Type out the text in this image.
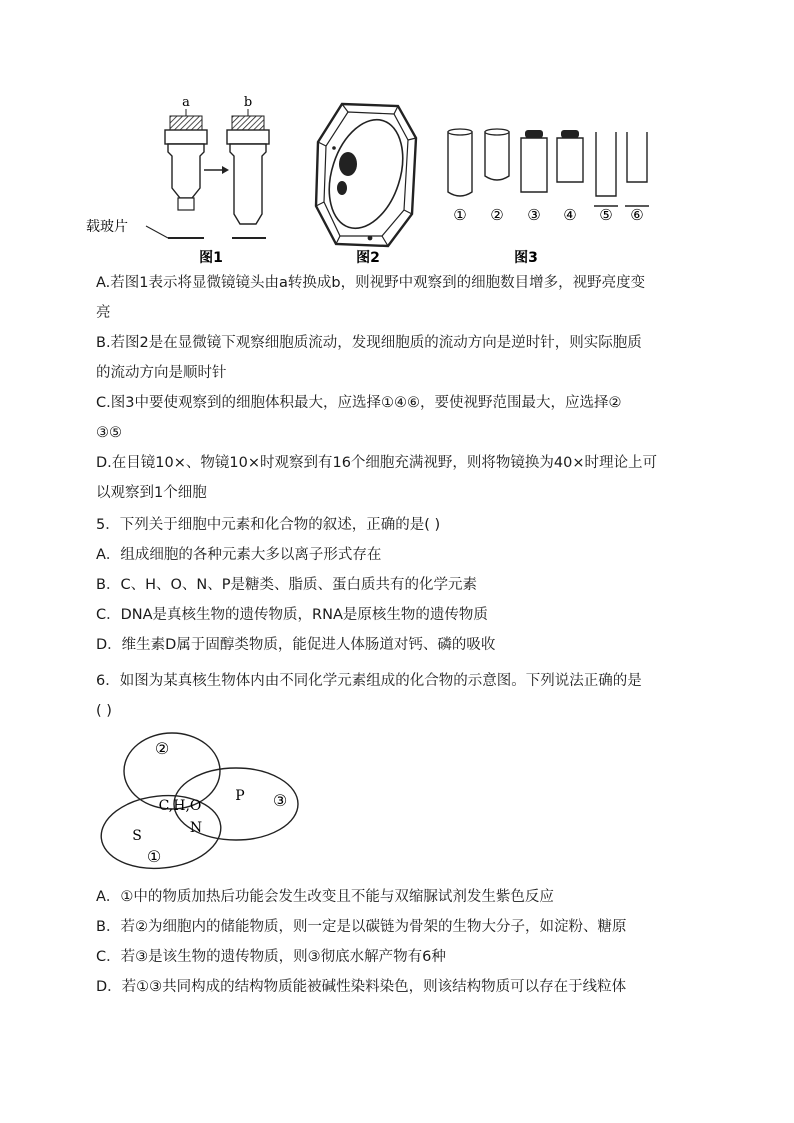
a	b
载玻片
图1	图2
① ② ③ ④ ⑤ ⑥
图3
A.若图1表示将显微镜镜头由a转换成b，则视野中观察到的细胞数目增多，视野亮度变
亮
B.若图2是在显微镜下观察细胞质流动，发现细胞质的流动方向是逆时针，则实际胞质
的流动方向是顺时针
C.图3中要使观察到的细胞体积最大，应选择①④⑥，要使视野范围最大，应选择②
③⑤
D.在目镜10×、物镜10×时观察到有16个细胞充满视野，则将物镜换为40×时理论上可
以观察到1个细胞
5．下列关于细胞中元素和化合物的叙述，正确的是( )
A．组成细胞的各种元素大多以离子形式存在
B．C、H、O、N、P是糖类、脂质、蛋白质共有的化学元素
C．DNA是真核生物的遗传物质，RNA是原核生物的遗传物质
D．维生素D属于固醇类物质，能促进人体肠道对钙、磷的吸收
6．如图为某真核生物体内由不同化学元素组成的化合物的示意图。下列说法正确的是
( )
②
③
①
C,H,O
N
P
S
A．①中的物质加热后功能会发生改变且不能与双缩脲试剂发生紫色反应
B．若②为细胞内的储能物质，则一定是以碳链为骨架的生物大分子，如淀粉、糖原
C．若③是该生物的遗传物质，则③彻底水解产物有6种
D．若①③共同构成的结构物质能被碱性染料染色，则该结构物质可以存在于线粒体
